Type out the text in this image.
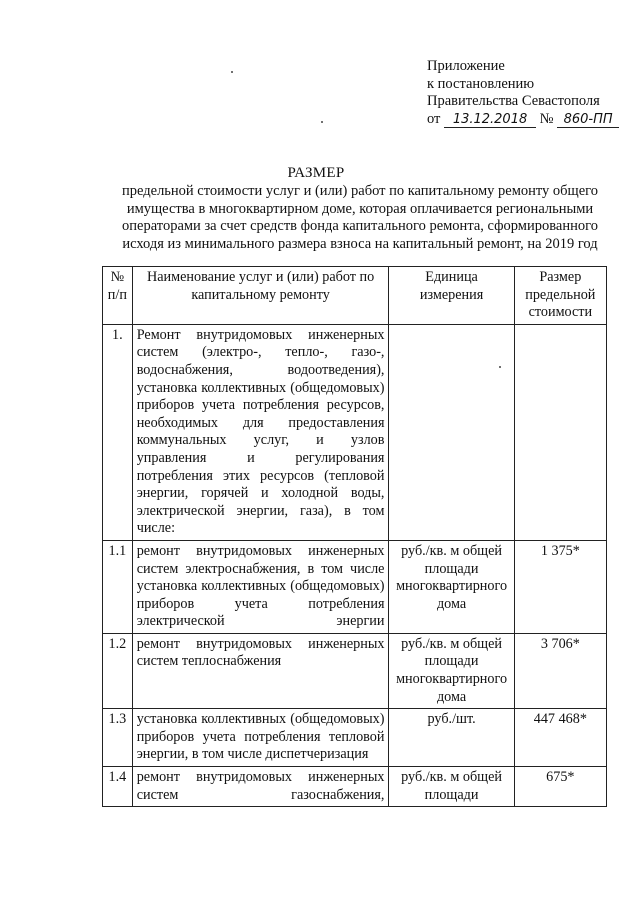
Приложение
к постановлению
Правительства Севастополя
от 13.12.2018 № 860-ПП
РАЗМЕР
предельной стоимости услуг и (или) работ по капитальному ремонту общего имущества в многоквартирном доме, которая оплачивается региональными операторами за счет средств фонда капитального ремонта, сформированного исходя из минимального размера взноса на капитальный ремонт, на 2019 год
№ п/п	Наименование услуг и (или) работ по капитальному ремонту	Единица измерения	Размер предельной стоимости
1.	Ремонт внутридомовых инженерных систем (электро-, тепло-, газо-, водоснабжения, водоотведения), установка коллективных (общедомовых) приборов учета потребления ресурсов, необходимых для предоставления коммунальных услуг, и узлов управления и регулирования потребления этих ресурсов (тепловой энергии, горячей и холодной воды, электрической энергии, газа), в том числе:		
1.1	ремонт внутридомовых инженерных систем электроснабжения, в том числе установка коллективных (общедомовых) приборов учета потребления электрической энергии	руб./кв. м общей площади многоквартирного дома	1 375*
1.2	ремонт внутридомовых инженерных систем теплоснабжения	руб./кв. м общей площади многоквартирного дома	3 706*
1.3	установка коллективных (общедомовых) приборов учета потребления тепловой энергии, в том числе диспетчеризация	руб./шт.	447 468*
1.4	ремонт внутридомовых инженерных систем газоснабжения,	руб./кв. м общей площади	675*
